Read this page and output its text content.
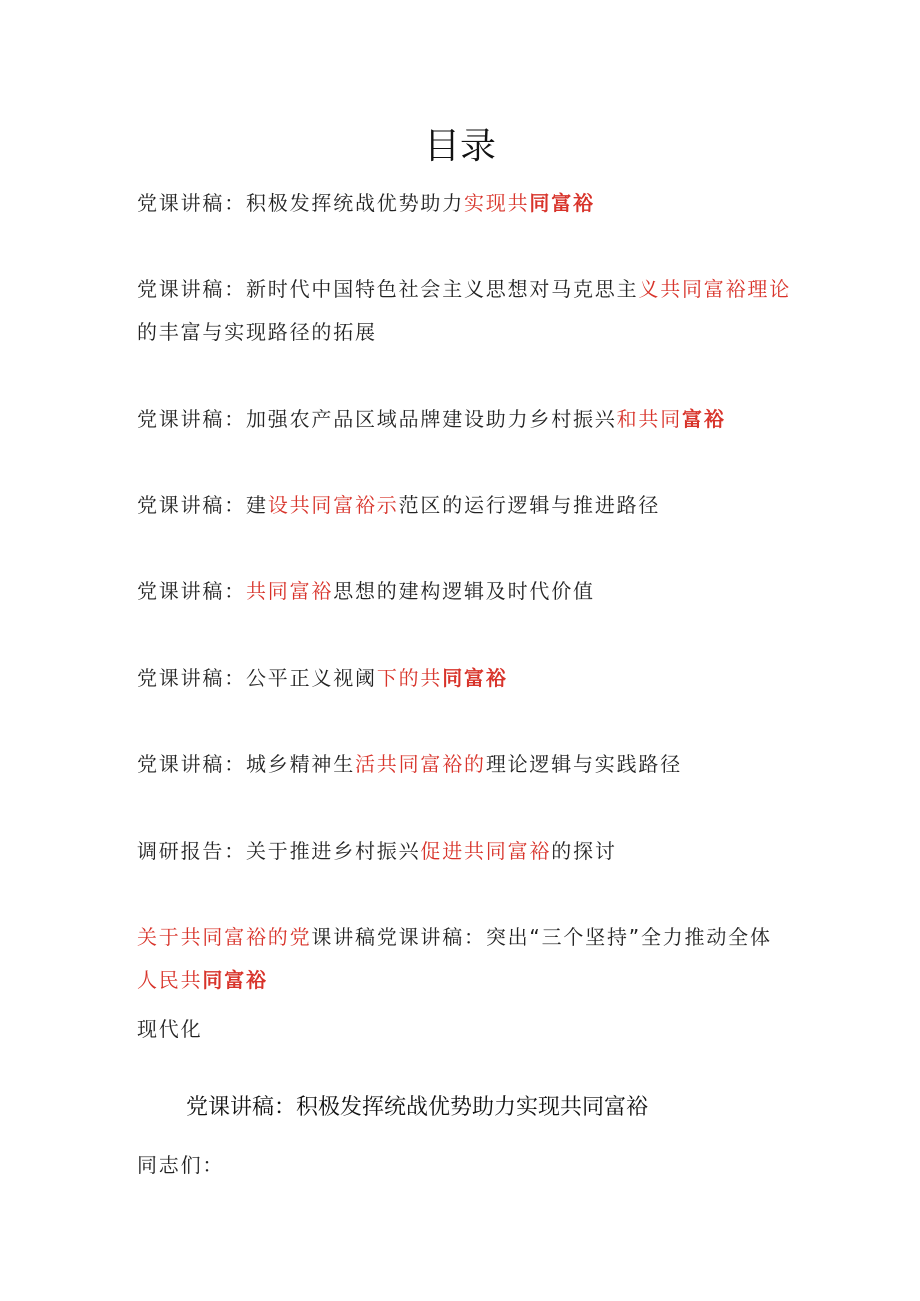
目录
党课讲稿：积极发挥统战优势助力实现共同富裕
党课讲稿：新时代中国特色社会主义思想对马克思主义共同富裕理论
的丰富与实现路径的拓展
党课讲稿：加强农产品区域品牌建设助力乡村振兴和共同富裕
党课讲稿：建设共同富裕示范区的运行逻辑与推进路径
党课讲稿：共同富裕思想的建构逻辑及时代价值
党课讲稿：公平正义视阈下的共同富裕
党课讲稿：城乡精神生活共同富裕的理论逻辑与实践路径
调研报告：关于推进乡村振兴促进共同富裕的探讨
关于共同富裕的党课讲稿党课讲稿：突出“三个坚持”全力推动全体
人民共同富裕
现代化
党课讲稿：积极发挥统战优势助力实现共同富裕
同志们：
